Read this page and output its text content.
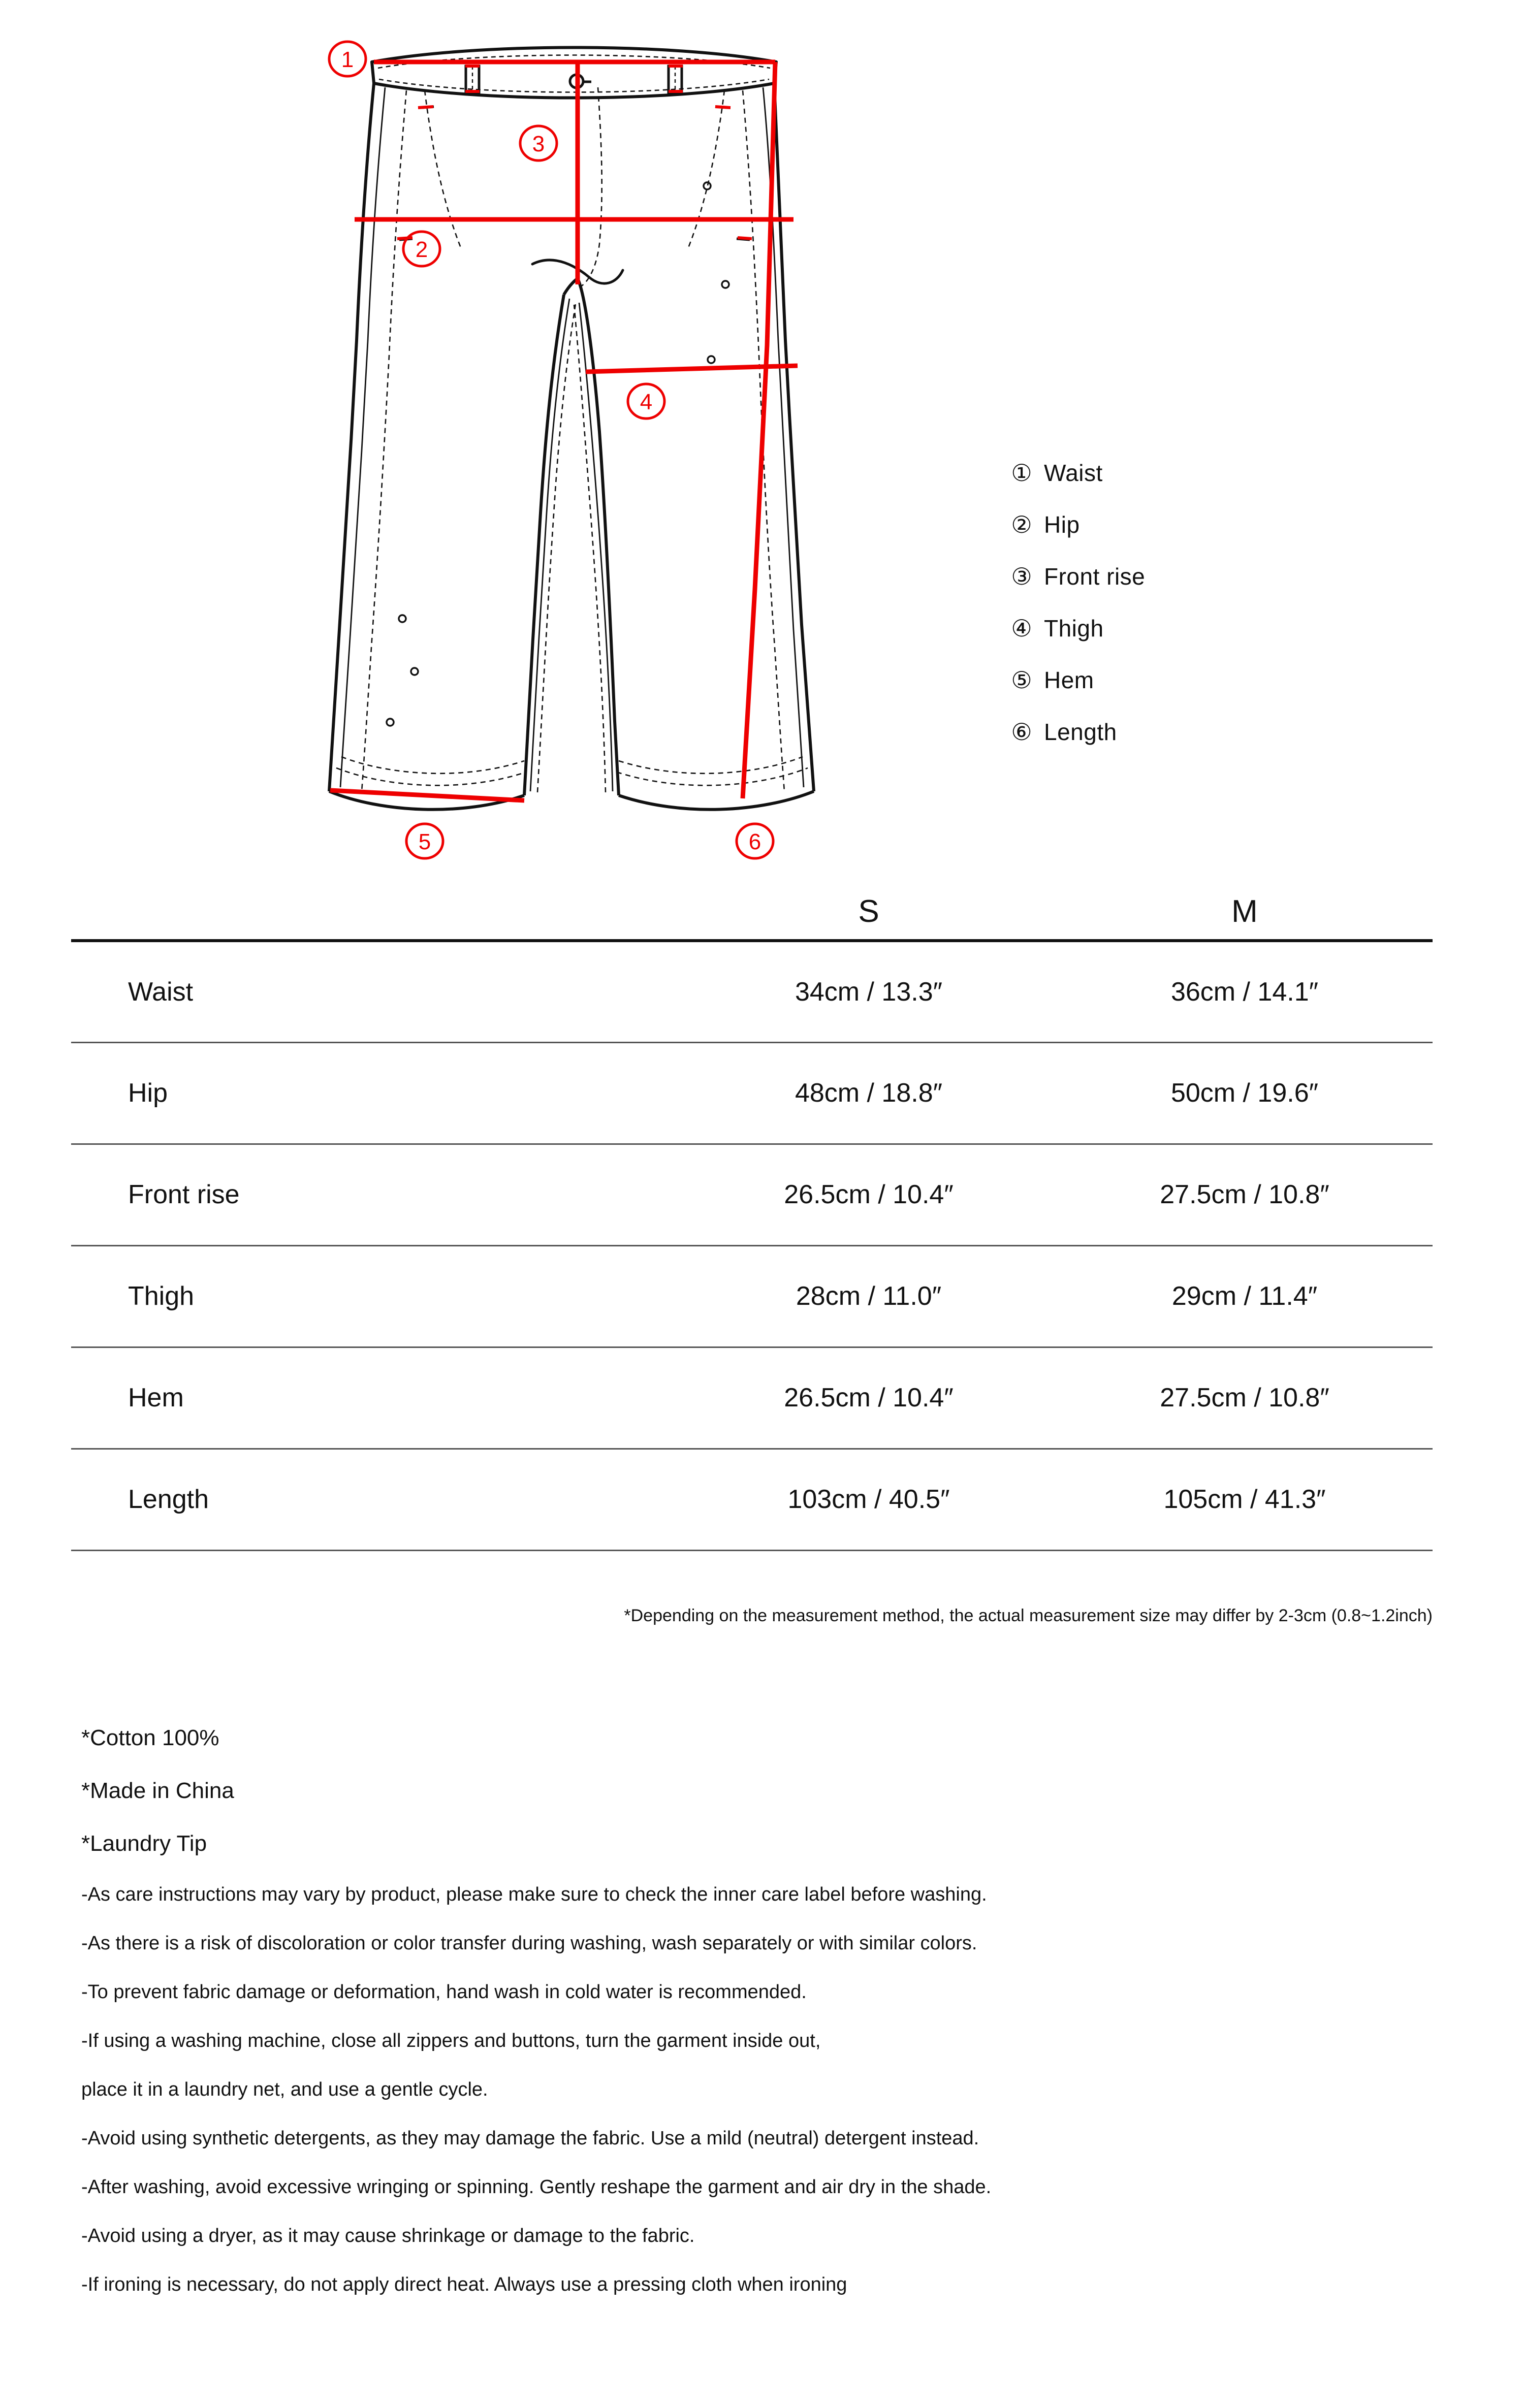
1
3
2
4
5	6
① Waist
② Hip
③ Front rise
④ Thigh
⑤ Hem
⑥ Length
	S	M
Waist	34cm / 13.3″	36cm / 14.1″
Hip	48cm / 18.8″	50cm / 19.6″
Front rise	26.5cm / 10.4″	27.5cm / 10.8″
Thigh	28cm / 11.0″	29cm / 11.4″
Hem	26.5cm / 10.4″	27.5cm / 10.8″
Length	103cm / 40.5″	105cm / 41.3″
*Depending on the measurement method, the actual measurement size may differ by 2-3cm (0.8~1.2inch)
*Cotton 100%
*Made in China
*Laundry Tip
-As care instructions may vary by product, please make sure to check the inner care label before washing.
-As there is a risk of discoloration or color transfer during washing, wash separately or with similar colors.
-To prevent fabric damage or deformation, hand wash in cold water is recommended.
-If using a washing machine, close all zippers and buttons, turn the garment inside out,
place it in a laundry net, and use a gentle cycle.
-Avoid using synthetic detergents, as they may damage the fabric. Use a mild (neutral) detergent instead.
-After washing, avoid excessive wringing or spinning. Gently reshape the garment and air dry in the shade.
-Avoid using a dryer, as it may cause shrinkage or damage to the fabric.
-If ironing is necessary, do not apply direct heat. Always use a pressing cloth when ironing
